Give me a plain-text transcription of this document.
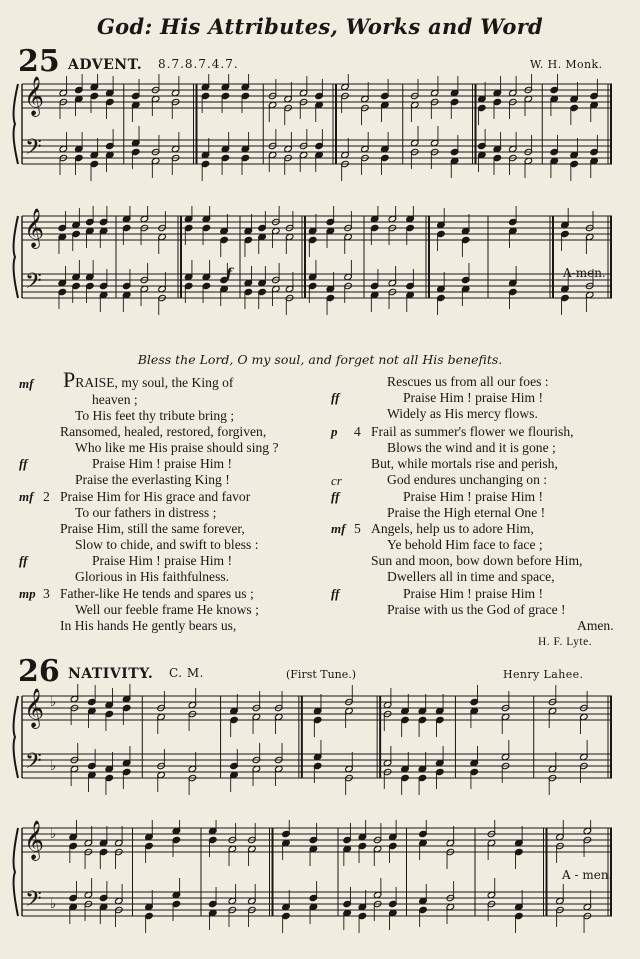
God: His Attributes, Works and Word
25 ADVENT. 8.7.8.7.4.7.	W. H. Monk.
𝄞
𝄢
𝄞
𝄢	A-men.
f
Bless the Lord, O my soul, and forget not all His benefits.
mf PRAISE, my soul, the King of
heaven ;
To His feet thy tribute bring ;
Ransomed, healed, restored, forgiven,
Who like me His praise should sing ?
ff	Praise Him ! praise Him !
Praise the everlasting King !
mf 2 Praise Him for His grace and favor
To our fathers in distress ;
Praise Him, still the same forever,
Slow to chide, and swift to bless :
ff	Praise Him ! praise Him !
Glorious in His faithfulness.
mp 3 Father-like He tends and spares us ;
Well our feeble frame He knows ;
In His hands He gently bears us,
Rescues us from all our foes :
ff	Praise Him ! praise Him !
Widely as His mercy flows.
p 4 Frail as summer's flower we flourish,
Blows the wind and it is gone ;
But, while mortals rise and perish,
cr	God endures unchanging on :
ff	Praise Him ! praise Him !
Praise the High eternal One !
mf 5 Angels, help us to adore Him,
Ye behold Him face to face ;
Sun and moon, bow down before Him,
Dwellers all in time and space,
ff	Praise Him ! praise Him !
Praise with us the God of grace !
Amen.
H. F. Lyte.
26 NATIVITY. C. M.	(First Tune.)	Henry Lahee.
𝄞
𝄢
♭
♭
𝄞
𝄢
♭
♭
A - men.
